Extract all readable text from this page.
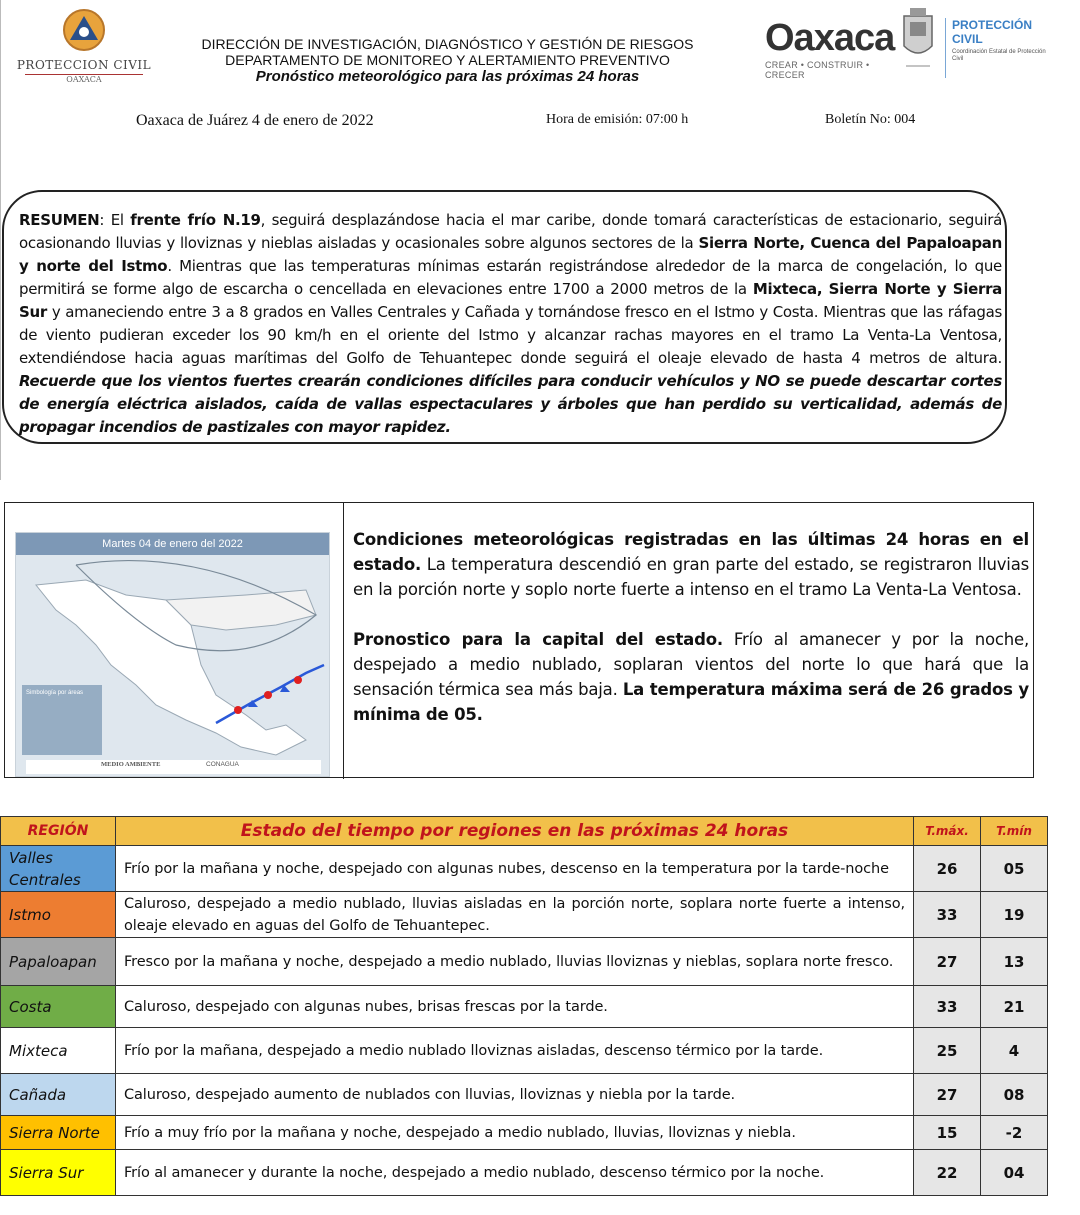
PROTECCION CIVIL
OAXACA
DIRECCIÓN DE INVESTIGACIÓN, DIAGNÓSTICO Y GESTIÓN DE RIESGOS
DEPARTAMENTO DE MONITOREO Y ALERTAMIENTO PREVENTIVO
Pronóstico meteorológico para las próximas 24 horas
Oaxaca
CREAR • CONSTRUIR • CRECER
PROTECCIÓN
CIVIL
Coordinación Estatal de Protección Civil
Oaxaca de Juárez 4 de enero de 2022	Hora de emisión: 07:00 h	Boletín No: 004
RESUMEN: El frente frío N.19, seguirá desplazándose hacia el mar caribe, donde tomará características de estacionario, seguirá ocasionando lluvias y lloviznas y nieblas aisladas y ocasionales sobre algunos sectores de la Sierra Norte, Cuenca del Papaloapan y norte del Istmo. Mientras que las temperaturas mínimas estarán registrándose alrededor de la marca de congelación, lo que permitirá se forme algo de escarcha o cencellada en elevaciones entre 1700 a 2000 metros de la Mixteca, Sierra Norte y Sierra Sur y amaneciendo entre 3 a 8 grados en Valles Centrales y Cañada y tornándose fresco en el Istmo y Costa. Mientras que las ráfagas de viento pudieran exceder los 90 km/h en el oriente del Istmo y alcanzar rachas mayores en el tramo La Venta-La Ventosa, extendiéndose hacia aguas marítimas del Golfo de Tehuantepec donde seguirá el oleaje elevado de hasta 4 metros de altura. Recuerde que los vientos fuertes crearán condiciones difíciles para conducir vehículos y NO se puede descartar cortes de energía eléctrica aislados, caída de vallas espectaculares y árboles que han perdido su verticalidad, además de propagar incendios de pastizales con mayor rapidez.
Martes 04 de enero del 2022
Simbología por áreas
MEDIO AMBIENTE	CONAGUA

Condiciones meteorológicas registradas en las últimas 24 horas en el estado. La temperatura descendió en gran parte del estado, se registraron lluvias en la porción norte y soplo norte fuerte a intenso en el tramo La Venta-La Ventosa.

Pronostico para la capital del estado. Frío al amanecer y por la noche, despejado a medio nublado, soplaran vientos del norte lo que hará que la sensación térmica sea más baja. La temperatura máxima será de 26 grados y mínima de 05.

REGIÓN	Estado del tiempo por regiones en las próximas 24 horas	T.máx.	T.mín
Valles Centrales	Frío por la mañana y noche, despejado con algunas nubes, descenso en la temperatura por la tarde-noche	26	05
Istmo	Caluroso, despejado a medio nublado, lluvias aisladas en la porción norte, soplara norte fuerte a intenso, oleaje elevado en aguas del Golfo de Tehuantepec.	33	19
Papaloapan	Fresco por la mañana y noche, despejado a medio nublado, lluvias lloviznas y nieblas, soplara norte fresco.	27	13
Costa	Caluroso, despejado con algunas nubes, brisas frescas por la tarde.	33	21
Mixteca	Frío por la mañana, despejado a medio nublado lloviznas aisladas, descenso térmico por la tarde.	25	4
Cañada	Caluroso, despejado aumento de nublados con lluvias, lloviznas y niebla por la tarde.	27	08
Sierra Norte	Frío a muy frío por la mañana y noche, despejado a medio nublado, lluvias, lloviznas y niebla.	15	-2
Sierra Sur	Frío al amanecer y durante la noche, despejado a medio nublado, descenso térmico por la noche.	22	04
